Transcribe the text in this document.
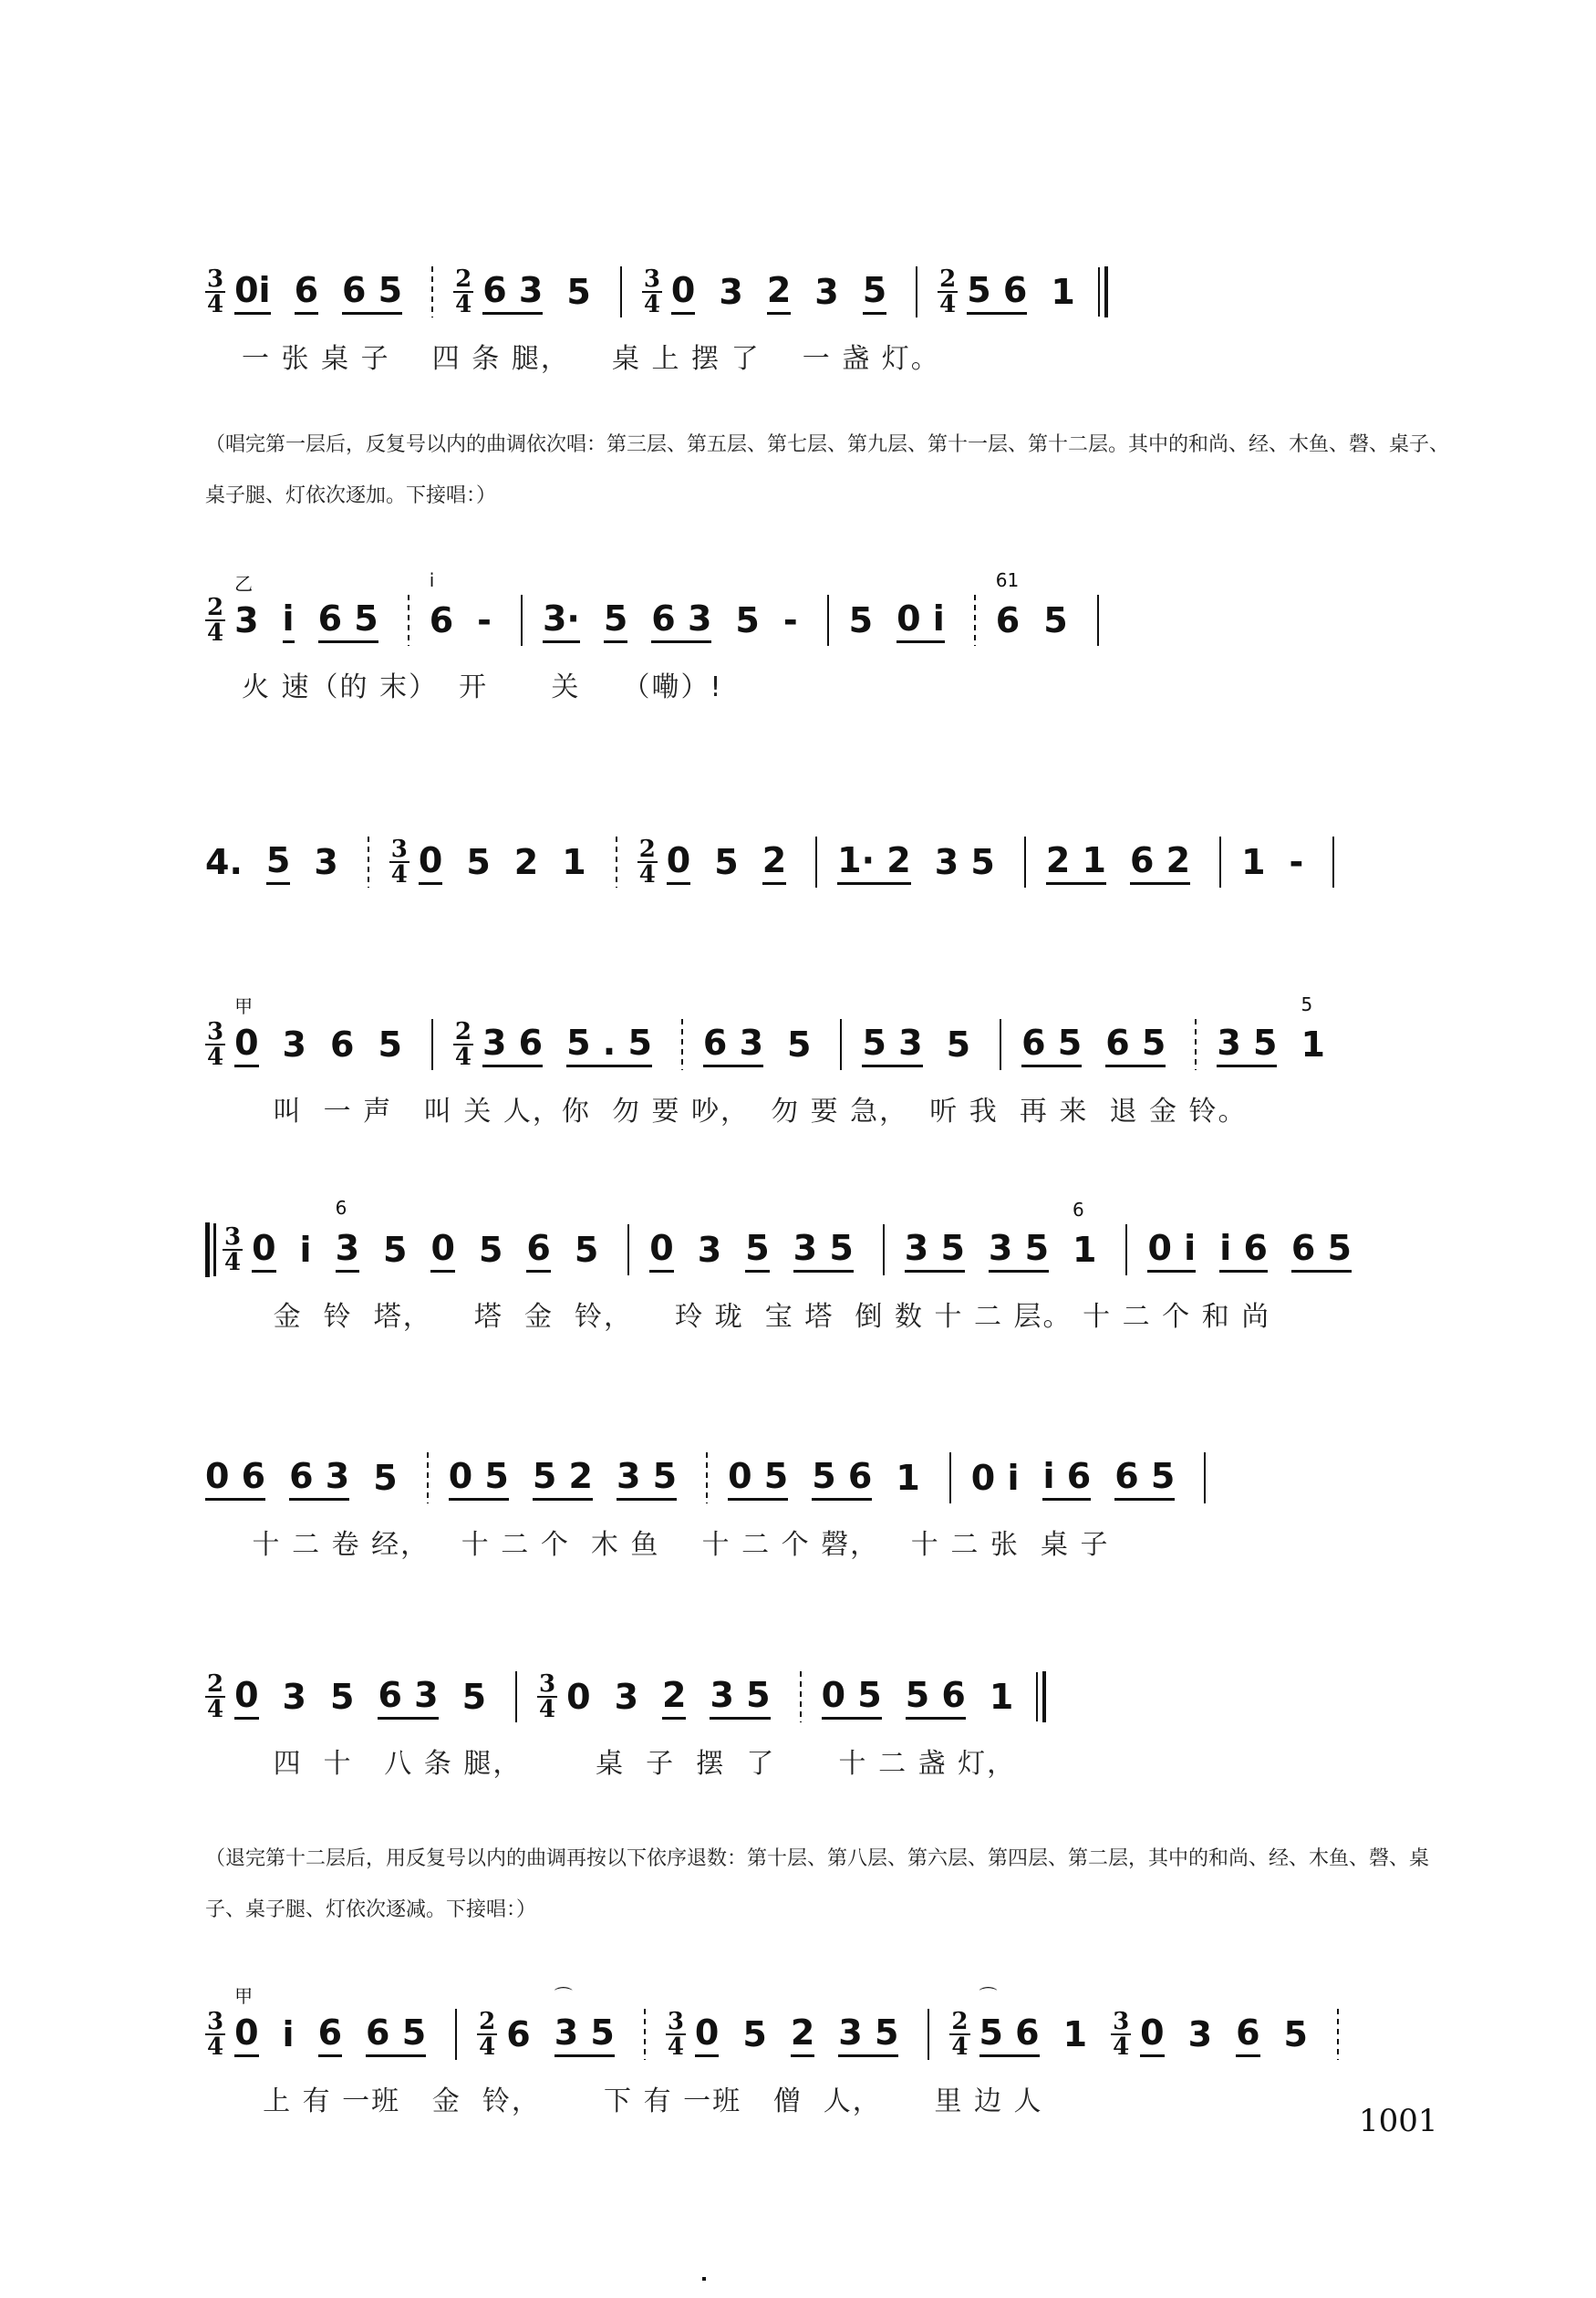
$\frac{3}{4} 0i$ 6 6 $5 \frac{2}{4} 6$ 3 $5 \frac{3}{4} 0$ 3 2 3 $5 \frac{2}{4} 5$ 6 1
一 张 桌 子    四 条 腿，    桌 上 摆 了    一 盏 灯。
$\frac{2}{4} 3$
乙
i 6 5 6
i
- 3· 5 6 3 5 - 5 0 i 6
61
5
火 速（的 末）  开      关    （嘞）!
4. 5 $3 \frac{3}{4} 0$ 5 2 $1 \frac{2}{4} 0$ 5 2 1· 2 3 5 2 1 6 2 1 -
$\frac{3}{4} 0$
甲
3 6 $5 \frac{2}{4} 3$ 6 5 . 5 6 3 5 5 3 5 6 5 6 5 3 5 1
5
叫  一 声   叫 关 人，你  勿 要 吵，  勿 要 急，  听 我  再 来  退 金 铃。
$\frac{3}{4} 0$ i 3
6
5 0 5 6 5 0 3 5 3 5 3 5 3 5 1
6
0 i i 6 6 5
金  铃  塔，    塔  金  铃，    玲 珑  宝 塔  倒 数 十 二 层。 十 二 个 和 尚
0 6 6 3 5 0 5 5 2 3 5 0 5 5 6 1 0 i i 6 6 5
十 二 卷 经，   十 二 个  木 鱼    十 二 个 磬，   十 二 张  桌 子
$\frac{2}{4} 0$ 3 5 6 3 $5 \frac{3}{4} 0$ 3 2 3 5 0 5 5 6 1
四  十   八 条 腿，       桌  子  摆  了      十 二 盏 灯，
$\frac{3}{4} 0$
甲
i 6 6 $5 \frac{2}{4} 6$ 3 5
⌒
$\frac{3}{4} 0$ 5 2 3 $5 \frac{2}{4} 5$ 6
⌒
$1 \frac{3}{4} 0$ 3 6 5
上 有 一班   金  铃，      下 有 一班   僧  人，     里 边 人
（唱完第一层后，反复号以内的曲调依次唱：第三层、第五层、第七层、第九层、第十一层、第十二层。其中的和尚、经、木鱼、磬、桌子、桌子腿、灯依次逐加。下接唱：）
（退完第十二层后，用反复号以内的曲调再按以下依序退数：第十层、第八层、第六层、第四层、第二层，其中的和尚、经、木鱼、磬、桌子、桌子腿、灯依次逐减。下接唱：）
1001
